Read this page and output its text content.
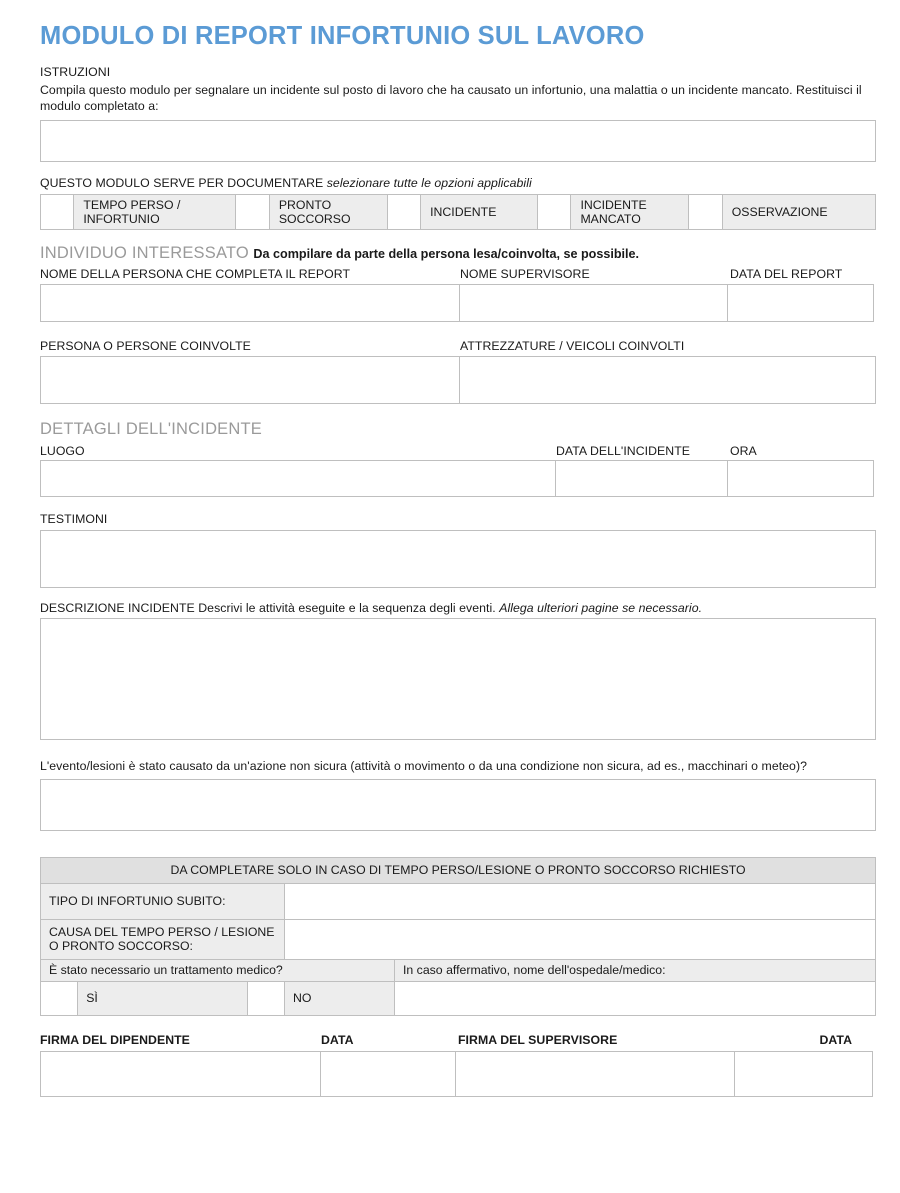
MODULO DI REPORT INFORTUNIO SUL LAVORO
ISTRUZIONI
Compila questo modulo per segnalare un incidente sul posto di lavoro che ha causato un infortunio, una malattia o un incidente mancato. Restituisci il modulo completato a:
QUESTO MODULO SERVE PER DOCUMENTARE selezionare tutte le opzioni applicabili
TEMPO PERSO / INFORTUNIO
PRONTO SOCCORSO
INCIDENTE
INCIDENTE MANCATO
OSSERVAZIONE
INDIVIDUO INTERESSATO Da compilare da parte della persona lesa/coinvolta, se possibile.
NOME DELLA PERSONA CHE COMPLETA IL REPORT	NOME SUPERVISORE	DATA DEL REPORT
PERSONA O PERSONE COINVOLTE	ATTREZZATURE / VEICOLI COINVOLTI
DETTAGLI DELL'INCIDENTE
LUOGO	DATA DELL'INCIDENTE	ORA
TESTIMONI
DESCRIZIONE INCIDENTE Descrivi le attività eseguite e la sequenza degli eventi. Allega ulteriori pagine se necessario.
L'evento/lesioni è stato causato da un'azione non sicura (attività o movimento o da una condizione non sicura, ad es., macchinari o meteo)?
DA COMPLETARE SOLO IN CASO DI TEMPO PERSO/LESIONE O PRONTO SOCCORSO RICHIESTO				
TIPO DI INFORTUNIO SUBITO:				
CAUSA DEL TEMPO PERSO / LESIONE O PRONTO SOCCORSO:				
È stato necessario un trattamento medico?				In caso affermativo, nome dell'ospedale/medico:
	SÌ		NO	
FIRMA DEL DIPENDENTE	DATA	FIRMA DEL SUPERVISORE	DATA
